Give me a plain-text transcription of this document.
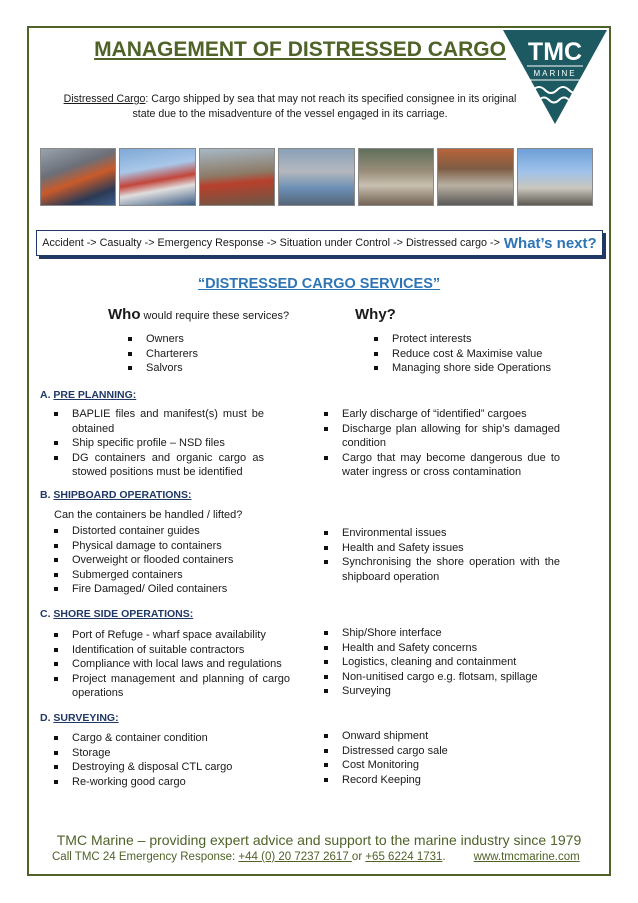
MANAGEMENT OF DISTRESSED CARGO TMC
MARINE
Distressed Cargo: Cargo shipped by sea that may not reach its specified consignee in its original
state due to the misadventure of the vessel engaged in its carriage.
Accident -> Casualty -> Emergency Response -> Situation under Control -> Distressed cargo -> What’s next?
“DISTRESSED CARGO SERVICES”
Who would require these services?	Why?
Owners
Charterers
Salvors
Protect interests
Reduce cost & Maximise value
Managing shore side Operations
A. PRE PLANNING:
BAPLIE files and manifest(s) must be obtained
Ship specific profile – NSD files
DG containers and organic cargo as stowed positions must be identified
Early discharge of “identified” cargoes
Discharge plan allowing for ship’s damaged condition
Cargo that may become dangerous due to water ingress or cross contamination
B. SHIPBOARD OPERATIONS:
Can the containers be handled / lifted?
Distorted container guides
Physical damage to containers
Overweight or flooded containers
Submerged containers
Fire Damaged/ Oiled containers
Environmental issues
Health and Safety issues
Synchronising the shore operation with the shipboard operation
C. SHORE SIDE OPERATIONS:
Port of Refuge - wharf space availability
Identification of suitable contractors
Compliance with local laws and regulations
Project management and planning of cargo operations
Ship/Shore interface
Health and Safety concerns
Logistics, cleaning and containment
Non-unitised cargo e.g. flotsam, spillage
Surveying
D. SURVEYING:
Cargo & container condition
Storage
Destroying & disposal CTL cargo
Re-working good cargo
Onward shipment
Distressed cargo sale
Cost Monitoring
Record Keeping
TMC Marine – providing expert advice and support to the marine industry since 1979
Call TMC 24 Emergency Response: +44 (0) 20 7237 2617 or +65 6224 1731. www.tmcmarine.com
